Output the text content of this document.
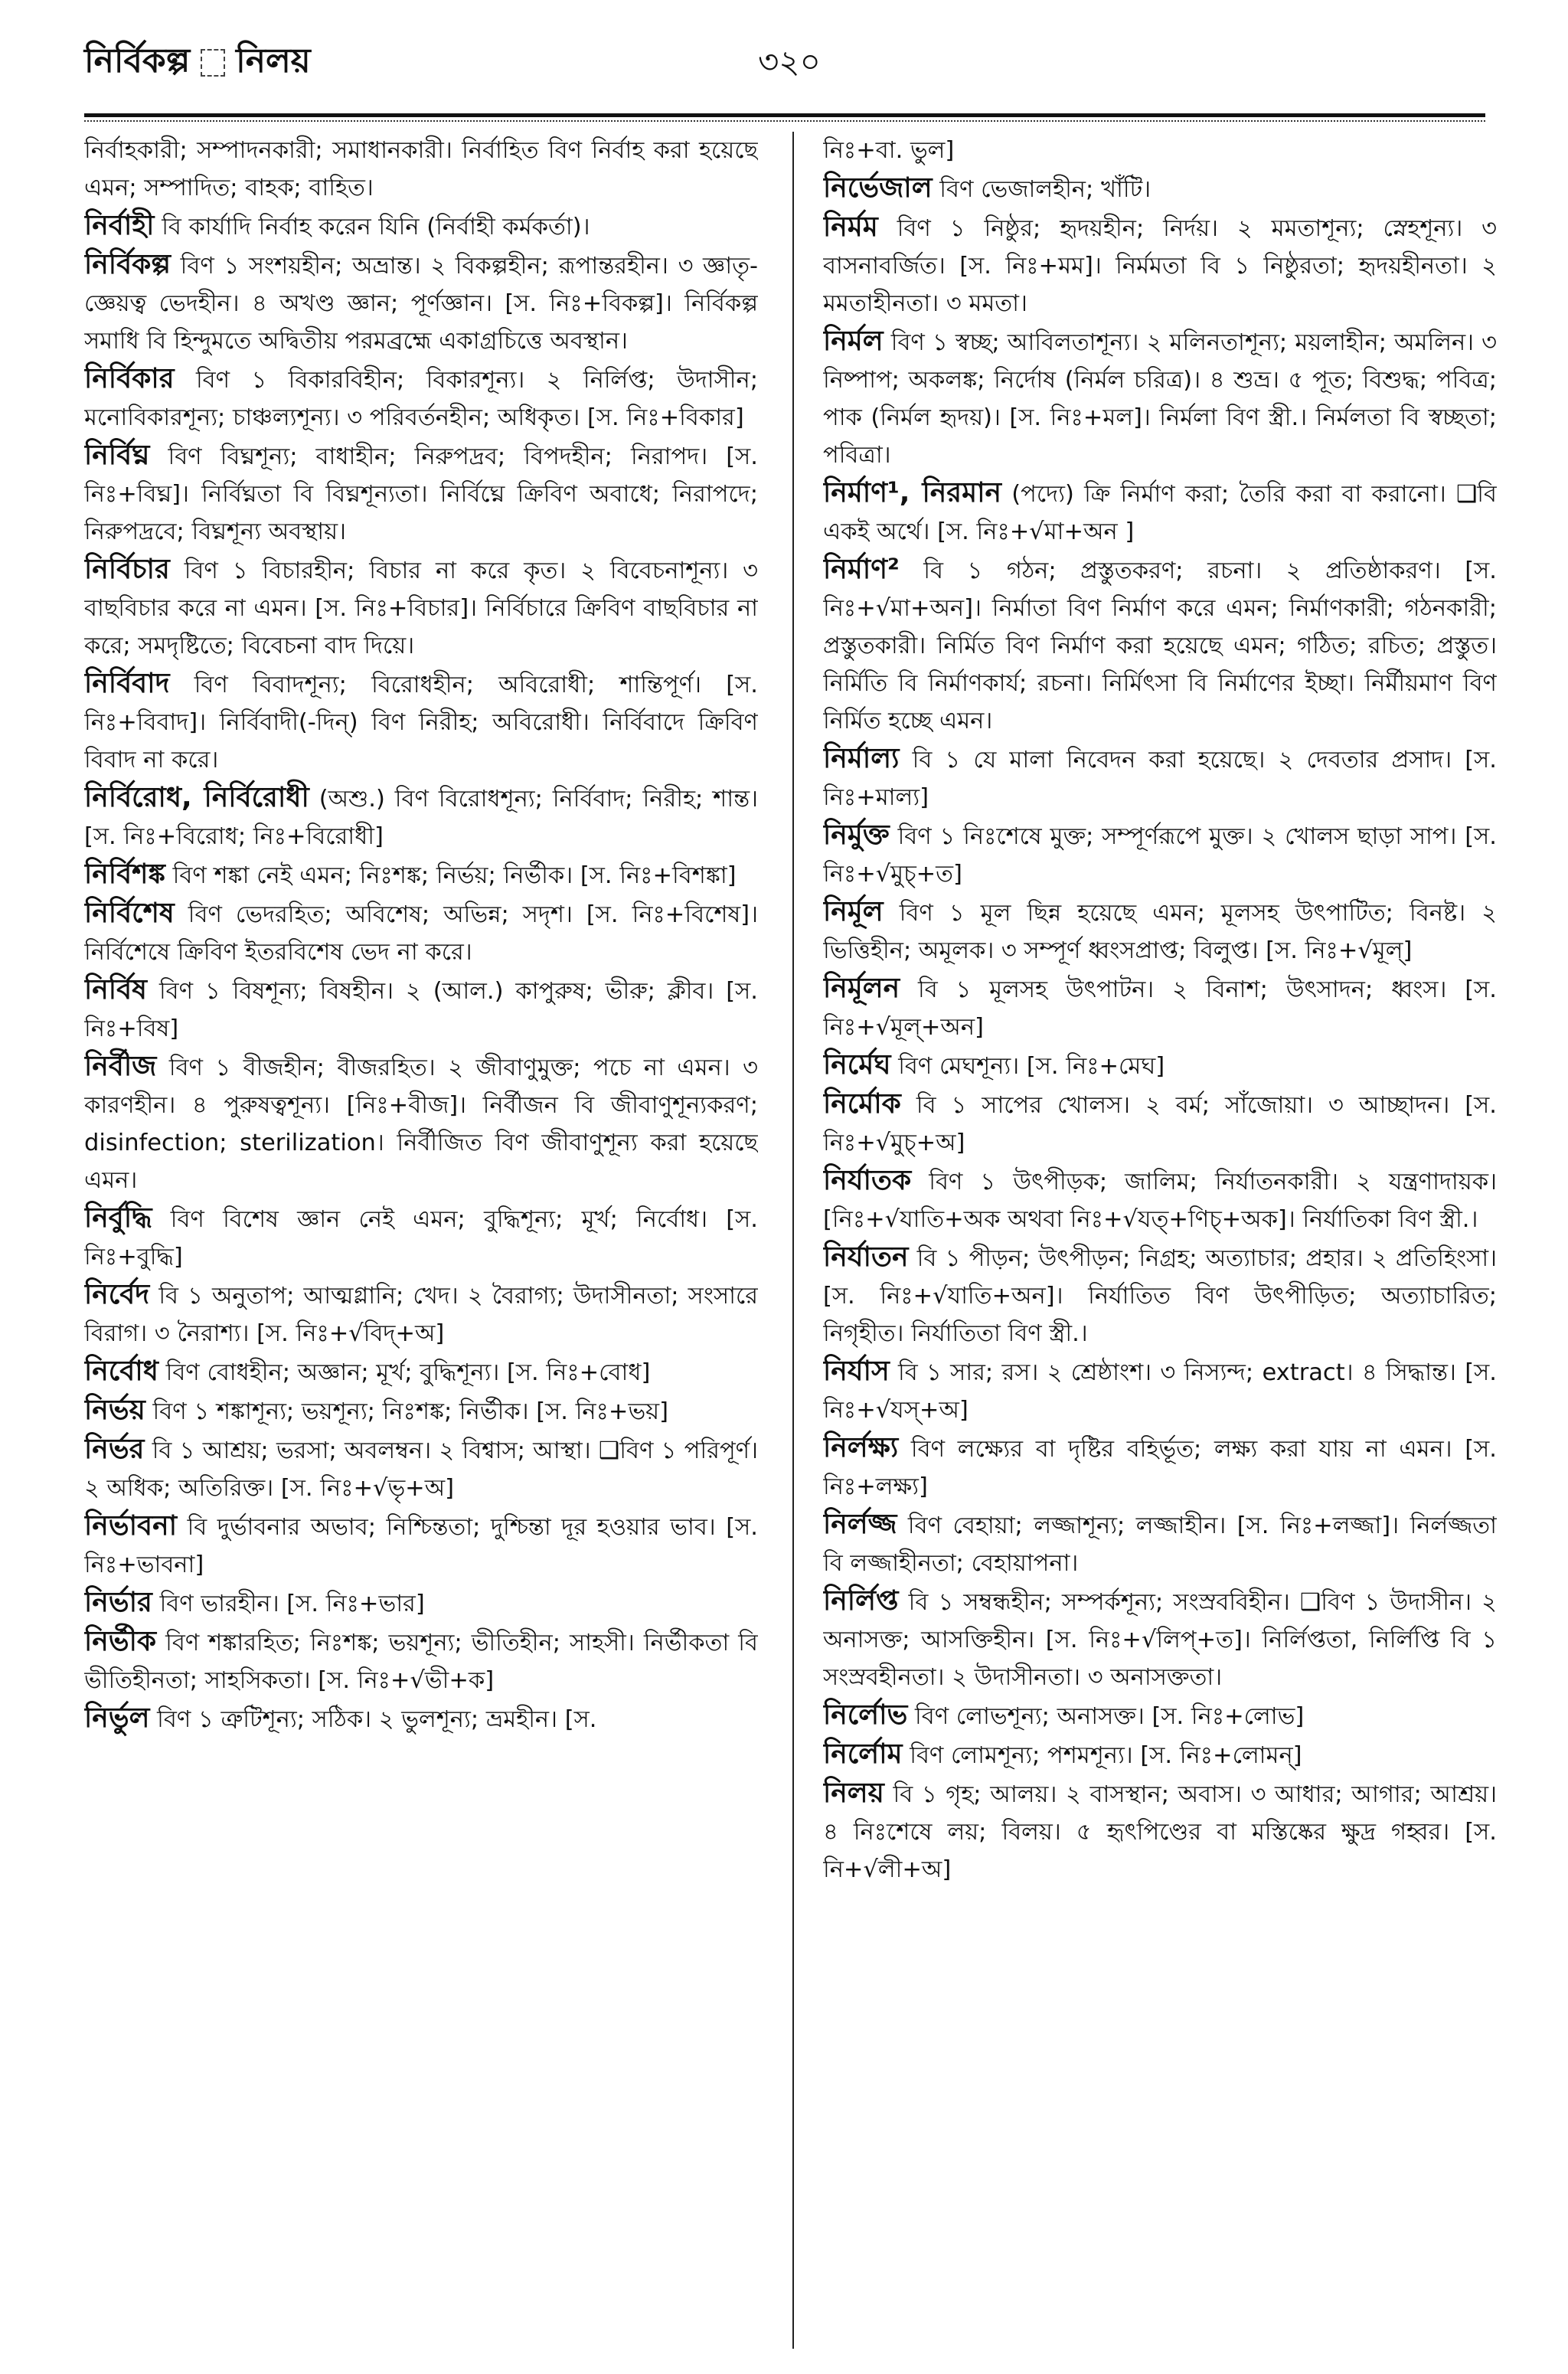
নির্বিকল্প নিলয়	৩২০
নির্বাহকারী; সম্পাদনকারী; সমাধানকারী। নির্বাহিত বিণ নির্বাহ করা হয়েছে এমন; সম্পাদিত; বাহক; বাহিত।
নির্বাহী বি কার্যাদি নির্বাহ করেন যিনি (নির্বাহী কর্মকর্তা)।
নির্বিকল্প বিণ ১ সংশয়হীন; অভ্রান্ত। ২ বিকল্পহীন; রূপান্তরহীন। ৩ জ্ঞাতৃ-জ্ঞেয়ত্ব ভেদহীন। ৪ অখণ্ড জ্ঞান; পূর্ণজ্ঞান। [স. নিঃ+বিকল্প]। নির্বিকল্প সমাধি বি হিন্দুমতে অদ্বিতীয় পরমব্রহ্মে একাগ্রচিত্তে অবস্থান।
নির্বিকার বিণ ১ বিকারবিহীন; বিকারশূন্য। ২ নির্লিপ্ত; উদাসীন; মনোবিকারশূন্য; চাঞ্চল্যশূন্য। ৩ পরিবর্তনহীন; অধিকৃত। [স. নিঃ+বিকার]
নির্বিঘ্ন বিণ বিঘ্নশূন্য; বাধাহীন; নিরুপদ্রব; বিপদহীন; নিরাপদ। [স. নিঃ+বিঘ্ন]। নির্বিঘ্নতা বি বিঘ্নশূন্যতা। নির্বিঘ্নে ক্রিবিণ অবাধে; নিরাপদে; নিরুপদ্রবে; বিঘ্নশূন্য অবস্থায়।
নির্বিচার বিণ ১ বিচারহীন; বিচার না করে কৃত। ২ বিবেচনাশূন্য। ৩ বাছবিচার করে না এমন। [স. নিঃ+বিচার]। নির্বিচারে ক্রিবিণ বাছবিচার না করে; সমদৃষ্টিতে; বিবেচনা বাদ দিয়ে।
নির্বিবাদ বিণ বিবাদশূন্য; বিরোধহীন; অবিরোধী; শান্তিপূর্ণ। [স. নিঃ+বিবাদ]। নির্বিবাদী(-দিন্) বিণ নিরীহ; অবিরোধী। নির্বিবাদে ক্রিবিণ বিবাদ না করে।
নির্বিরোধ, নির্বিরোধী (অশু.) বিণ বিরোধশূন্য; নির্বিবাদ; নিরীহ; শান্ত। [স. নিঃ+বিরোধ; নিঃ+বিরোধী]
নির্বিশঙ্ক বিণ শঙ্কা নেই এমন; নিঃশঙ্ক; নির্ভয়; নির্ভীক। [স. নিঃ+বিশঙ্কা]
নির্বিশেষ বিণ ভেদরহিত; অবিশেষ; অভিন্ন; সদৃশ। [স. নিঃ+বিশেষ]। নির্বিশেষে ক্রিবিণ ইতরবিশেষ ভেদ না করে।
নির্বিষ বিণ ১ বিষশূন্য; বিষহীন। ২ (আল.) কাপুরুষ; ভীরু; ক্লীব। [স. নিঃ+বিষ]
নির্বীজ বিণ ১ বীজহীন; বীজরহিত। ২ জীবাণুমুক্ত; পচে না এমন। ৩ কারণহীন। ৪ পুরুষত্বশূন্য। [নিঃ+বীজ]। নির্বীজন বি জীবাণুশূন্যকরণ; disinfection; sterilization। নির্বীজিত বিণ জীবাণুশূন্য করা হয়েছে এমন।
নির্বুদ্ধি বিণ বিশেষ জ্ঞান নেই এমন; বুদ্ধিশূন্য; মূর্খ; নির্বোধ। [স. নিঃ+বুদ্ধি]
নির্বেদ বি ১ অনুতাপ; আত্মগ্লানি; খেদ। ২ বৈরাগ্য; উদাসীনতা; সংসারে বিরাগ। ৩ নৈরাশ্য। [স. নিঃ+√বিদ্+অ]
নির্বোধ বিণ বোধহীন; অজ্ঞান; মূর্খ; বুদ্ধিশূন্য। [স. নিঃ+বোধ]
নির্ভয় বিণ ১ শঙ্কাশূন্য; ভয়শূন্য; নিঃশঙ্ক; নির্ভীক। [স. নিঃ+ভয়]
নির্ভর বি ১ আশ্রয়; ভরসা; অবলম্বন। ২ বিশ্বাস; আস্থা। ❑বিণ ১ পরিপূর্ণ। ২ অধিক; অতিরিক্ত। [স. নিঃ+√ভৃ+অ]
নির্ভাবনা বি দুর্ভাবনার অভাব; নিশ্চিন্ততা; দুশ্চিন্তা দূর হওয়ার ভাব। [স. নিঃ+ভাবনা]
নির্ভার বিণ ভারহীন। [স. নিঃ+ভার]
নির্ভীক বিণ শঙ্কারহিত; নিঃশঙ্ক; ভয়শূন্য; ভীতিহীন; সাহসী। নির্ভীকতা বি ভীতিহীনতা; সাহসিকতা। [স. নিঃ+√ভী+ক]
নির্ভুল বিণ ১ ত্রুটিশূন্য; সঠিক। ২ ভুলশূন্য; ভ্রমহীন। [স.
নিঃ+বা. ভুল]
নির্ভেজাল বিণ ভেজালহীন; খাঁটি।
নির্মম বিণ ১ নিষ্ঠুর; হৃদয়হীন; নির্দয়। ২ মমতাশূন্য; স্নেহশূন্য। ৩ বাসনাবর্জিত। [স. নিঃ+মম]। নির্মমতা বি ১ নিষ্ঠুরতা; হৃদয়হীনতা। ২ মমতাহীনতা। ৩ মমতা।
নির্মল বিণ ১ স্বচ্ছ; আবিলতাশূন্য। ২ মলিনতাশূন্য; ময়লাহীন; অমলিন। ৩ নিষ্পাপ; অকলঙ্ক; নির্দোষ (নির্মল চরিত্র)। ৪ শুভ্র। ৫ পূত; বিশুদ্ধ; পবিত্র; পাক (নির্মল হৃদয়)। [স. নিঃ+মল]। নির্মলা বিণ স্ত্রী.। নির্মলতা বি স্বচ্ছতা; পবিত্রা।
নির্মাণ¹, নিরমান (পদ্যে) ক্রি নির্মাণ করা; তৈরি করা বা করানো। ❑বি একই অর্থে। [স. নিঃ+√মা+অন ]
নির্মাণ² বি ১ গঠন; প্রস্তুতকরণ; রচনা। ২ প্রতিষ্ঠাকরণ। [স. নিঃ+√মা+অন]। নির্মাতা বিণ নির্মাণ করে এমন; নির্মাণকারী; গঠনকারী; প্রস্তুতকারী। নির্মিত বিণ নির্মাণ করা হয়েছে এমন; গঠিত; রচিত; প্রস্তুত। নির্মিতি বি নির্মাণকার্য; রচনা। নির্মিৎসা বি নির্মাণের ইচ্ছা। নির্মীয়মাণ বিণ নির্মিত হচ্ছে এমন।
নির্মাল্য বি ১ যে মালা নিবেদন করা হয়েছে। ২ দেবতার প্রসাদ। [স. নিঃ+মাল্য]
নির্মুক্ত বিণ ১ নিঃশেষে মুক্ত; সম্পূর্ণরূপে মুক্ত। ২ খোলস ছাড়া সাপ। [স. নিঃ+√মুচ্+ত]
নির্মূল বিণ ১ মূল ছিন্ন হয়েছে এমন; মূলসহ উৎপাটিত; বিনষ্ট। ২ ভিত্তিহীন; অমূলক। ৩ সম্পূর্ণ ধ্বংসপ্রাপ্ত; বিলুপ্ত। [স. নিঃ+√মূল্]
নির্মূলন বি ১ মূলসহ উৎপাটন। ২ বিনাশ; উৎসাদন; ধ্বংস। [স. নিঃ+√মূল্+অন]
নির্মেঘ বিণ মেঘশূন্য। [স. নিঃ+মেঘ]
নির্মোক বি ১ সাপের খোলস। ২ বর্ম; সাঁজোয়া। ৩ আচ্ছাদন। [স. নিঃ+√মুচ্+অ]
নির্যাতক বিণ ১ উৎপীড়ক; জালিম; নির্যাতনকারী। ২ যন্ত্রণাদায়ক। [নিঃ+√যাতি+অক অথবা নিঃ+√যত্+ণিচ্+অক]। নির্যাতিকা বিণ স্ত্রী.।
নির্যাতন বি ১ পীড়ন; উৎপীড়ন; নিগ্রহ; অত্যাচার; প্রহার। ২ প্রতিহিংসা। [স. নিঃ+√যাতি+অন]। নির্যাতিত বিণ উৎপীড়িত; অত্যাচারিত; নিগৃহীত। নির্যাতিতা বিণ স্ত্রী.।
নির্যাস বি ১ সার; রস। ২ শ্রেষ্ঠাংশ। ৩ নিস্যন্দ; extract। ৪ সিদ্ধান্ত। [স. নিঃ+√যস্+অ]
নির্লক্ষ্য বিণ লক্ষ্যের বা দৃষ্টির বহির্ভূত; লক্ষ্য করা যায় না এমন। [স. নিঃ+লক্ষ্য]
নির্লজ্জ বিণ বেহায়া; লজ্জাশূন্য; লজ্জাহীন। [স. নিঃ+লজ্জা]। নির্লজ্জতা বি লজ্জাহীনতা; বেহায়াপনা।
নির্লিপ্ত বি ১ সম্বন্ধহীন; সম্পর্কশূন্য; সংস্রববিহীন। ❑বিণ ১ উদাসীন। ২ অনাসক্ত; আসক্তিহীন। [স. নিঃ+√লিপ্+ত]। নির্লিপ্ততা, নির্লিপ্তি বি ১ সংস্রবহীনতা। ২ উদাসীনতা। ৩ অনাসক্ততা।
নির্লোভ বিণ লোভশূন্য; অনাসক্ত। [স. নিঃ+লোভ]
নির্লোম বিণ লোমশূন্য; পশমশূন্য। [স. নিঃ+লোমন্]
নিলয় বি ১ গৃহ; আলয়। ২ বাসস্থান; অবাস। ৩ আধার; আগার; আশ্রয়। ৪ নিঃশেষে লয়; বিলয়। ৫ হৃৎপিণ্ডের বা মস্তিষ্কের ক্ষুদ্র গহ্বর। [স. নি+√লী+অ]
